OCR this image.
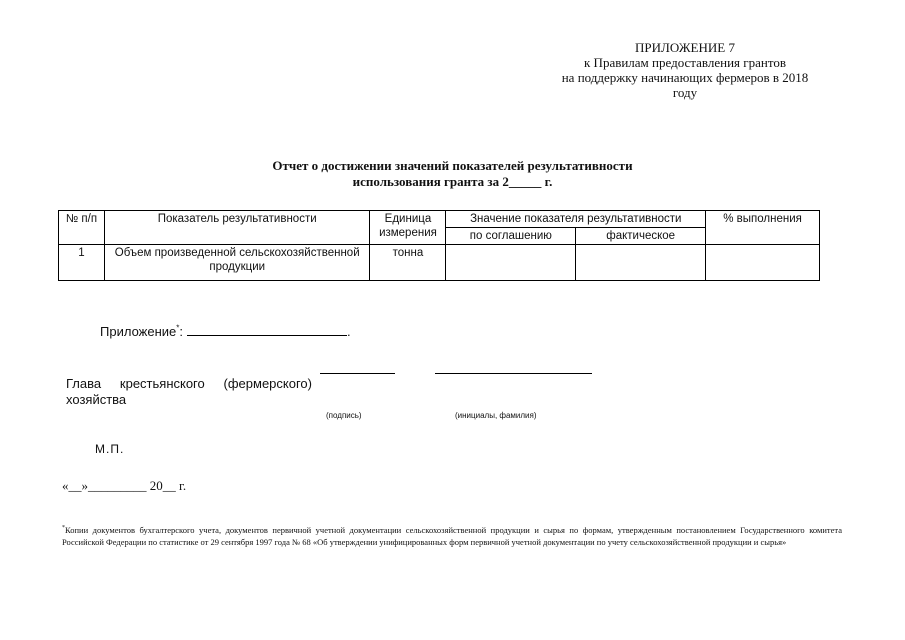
ПРИЛОЖЕНИЕ 7
к Правилам предоставления грантов
на поддержку начинающих фермеров в 2018
году
Отчет о достижении значений показателей результативности
использования гранта за 2_____ г.
№ п/п	Показатель результативности	Единица измерения	Значение показателя результативности		% выполнения
			по соглашению	фактическое	
1	Объем произведенной сельскохозяйственной продукции	тонна			
Приложение*:	.
Глава крестьянского (фермерского) хозяйства
(подпись)	(инициалы, фамилия)
М.П.
«__»_________ 20__ г.
*Копии документов бухгалтерского учета, документов первичной учетной документации сельскохозяйственной продукции и сырья по формам, утвержденным постановлением Государственного комитета Российской Федерации по статистике от 29 сентября 1997 года № 68 «Об утверждении унифицированных форм первичной учетной документации по учету сельскохозяйственной продукции и сырья»
